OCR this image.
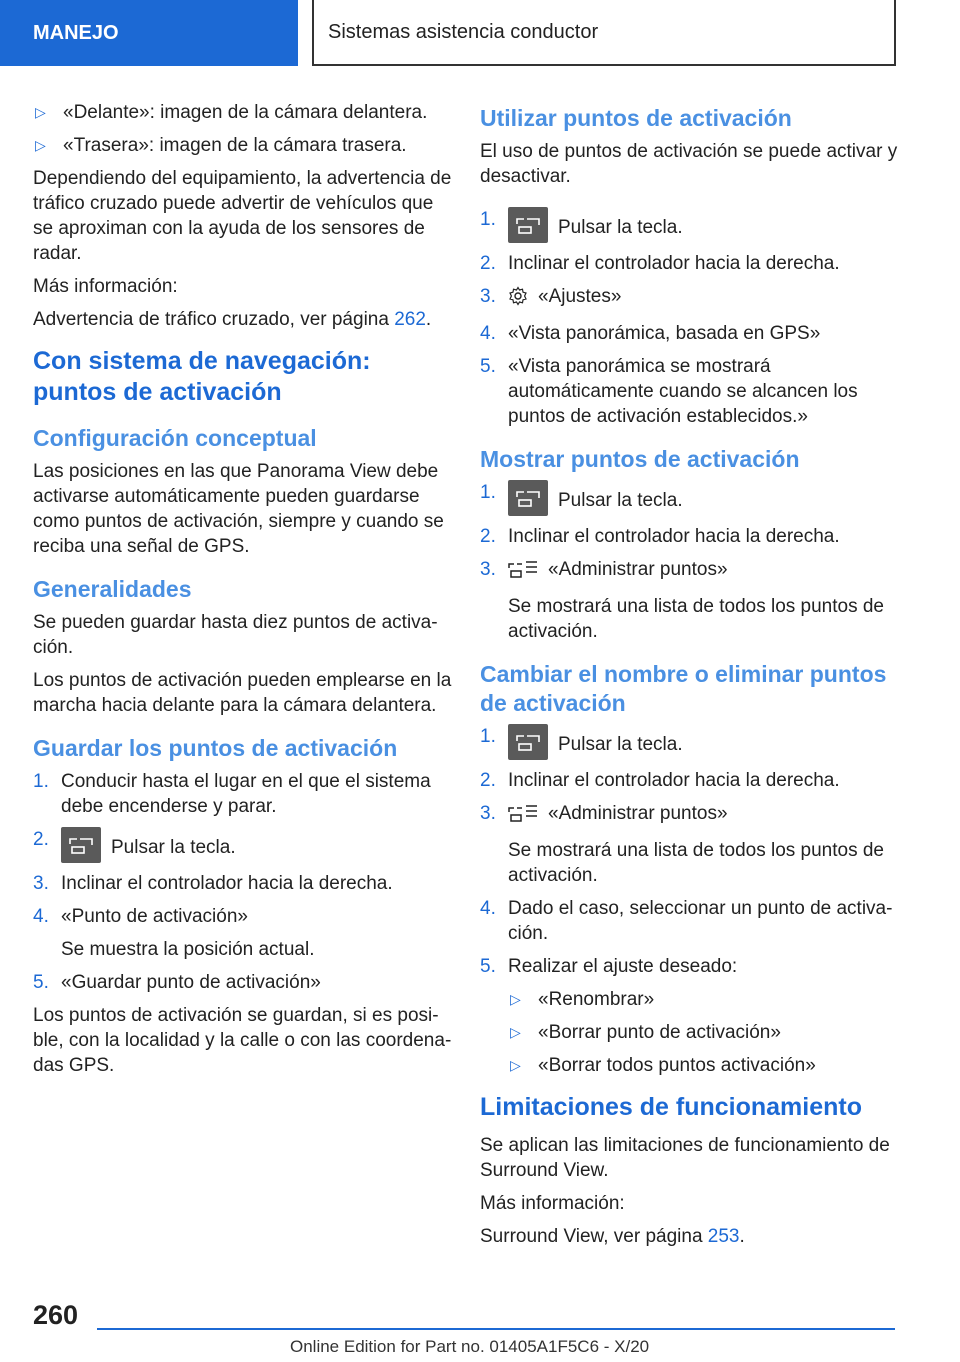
MANEJO	Sistemas asistencia conductor
▷ «Delante»: imagen de la cámara delantera.
▷ «Trasera»: imagen de la cámara trasera.

Dependiendo del equipamiento, la advertencia de tráfico cruzado puede advertir de vehículos que se aproximan con la ayuda de los sensores de radar.

Más información:

Advertencia de tráfico cruzado, ver página 262.

Con sistema de navegación: puntos de activación
Configuración conceptual

Las posiciones en las que Panorama View debe activarse automáticamente pueden guardarse como puntos de activación, siempre y cuando se reciba una señal de GPS.

Generalidades

Se pueden guardar hasta diez puntos de activación.

Los puntos de activación pueden emplearse en la marcha hacia delante para la cámara delantera.

Guardar los puntos de activación
1. Conducir hasta el lugar en el que el sistema debe encenderse y parar.
2.	Pulsar la tecla.
3. Inclinar el controlador hacia la derecha.
4. «Punto de activación»
Se muestra la posición actual.
5. «Guardar punto de activación»

Los puntos de activación se guardan, si es posible, con la localidad y la calle o con las coordenadas GPS.

Utilizar puntos de activación

El uso de puntos de activación se puede activar y desactivar.

1.	Pulsar la tecla.
2. Inclinar el controlador hacia la derecha.
3. «Ajustes»
4. «Vista panorámica, basada en GPS»
5. «Vista panorámica se mostrará automáticamente cuando se alcancen los puntos de activación establecidos.»
Mostrar puntos de activación
1.	Pulsar la tecla.
2. Inclinar el controlador hacia la derecha.
3.	«Administrar puntos»
Se mostrará una lista de todos los puntos de activación.
Cambiar el nombre o eliminar puntos de activación
1.	Pulsar la tecla.
2. Inclinar el controlador hacia la derecha.
3.	«Administrar puntos»
Se mostrará una lista de todos los puntos de activación.
4. Dado el caso, seleccionar un punto de activación.
5. Realizar el ajuste deseado:
▷ «Renombrar»
▷ «Borrar punto de activación»
▷ «Borrar todos puntos activación»
Limitaciones de funcionamiento

Se aplican las limitaciones de funcionamiento de Surround View.

Más información:

Surround View, ver página 253.

260
Online Edition for Part no. 01405A1F5C6 - X/20
